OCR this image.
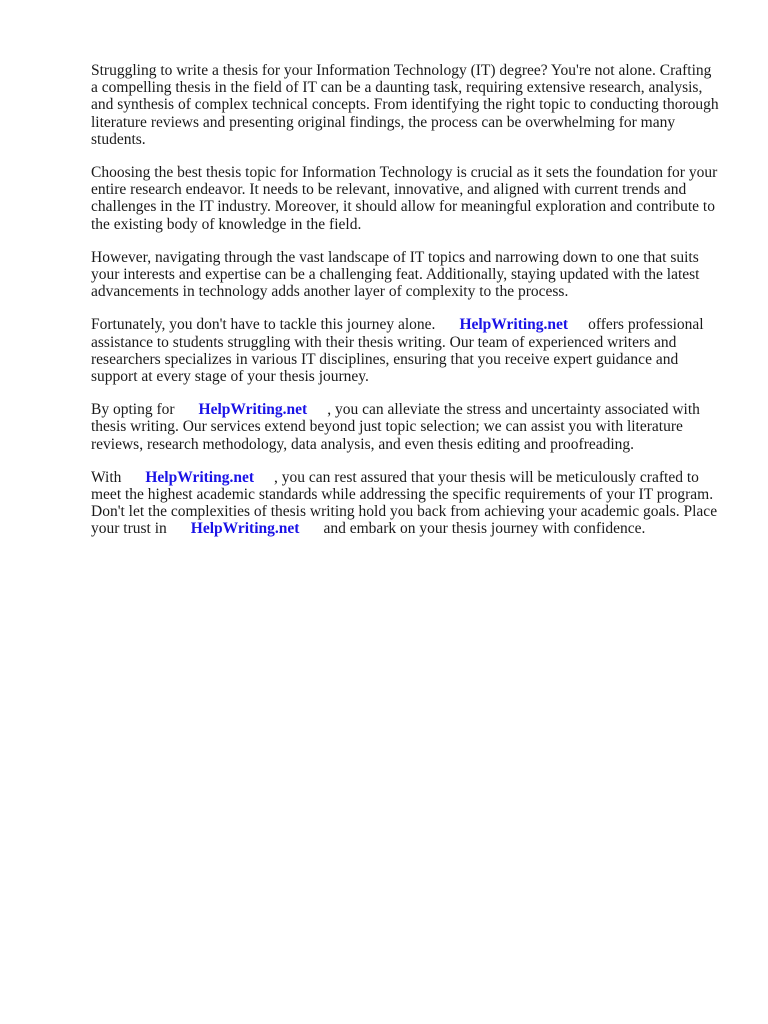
Struggling to write a thesis for your Information Technology (IT) degree? You're not alone. Crafting a compelling thesis in the field of IT can be a daunting task, requiring extensive research, analysis, and synthesis of complex technical concepts. From identifying the right topic to conducting thorough literature reviews and presenting original findings, the process can be overwhelming for many students.

Choosing the best thesis topic for Information Technology is crucial as it sets the foundation for your entire research endeavor. It needs to be relevant, innovative, and aligned with current trends and challenges in the IT industry. Moreover, it should allow for meaningful exploration and contribute to the existing body of knowledge in the field.

However, navigating through the vast landscape of IT topics and narrowing down to one that suits your interests and expertise can be a challenging feat. Additionally, staying updated with the latest advancements in technology adds another layer of complexity to the process.

Fortunately, you don't have to tackle this journey alone. HelpWriting.net offers professional assistance to students struggling with their thesis writing. Our team of experienced writers and researchers specializes in various IT disciplines, ensuring that you receive expert guidance and support at every stage of your thesis journey.

By opting for HelpWriting.net , you can alleviate the stress and uncertainty associated with thesis writing. Our services extend beyond just topic selection; we can assist you with literature reviews, research methodology, data analysis, and even thesis editing and proofreading.

With HelpWriting.net , you can rest assured that your thesis will be meticulously crafted to meet the highest academic standards while addressing the specific requirements of your IT program. Don't let the complexities of thesis writing hold you back from achieving your academic goals. Place your trust in HelpWriting.net and embark on your thesis journey with confidence.
